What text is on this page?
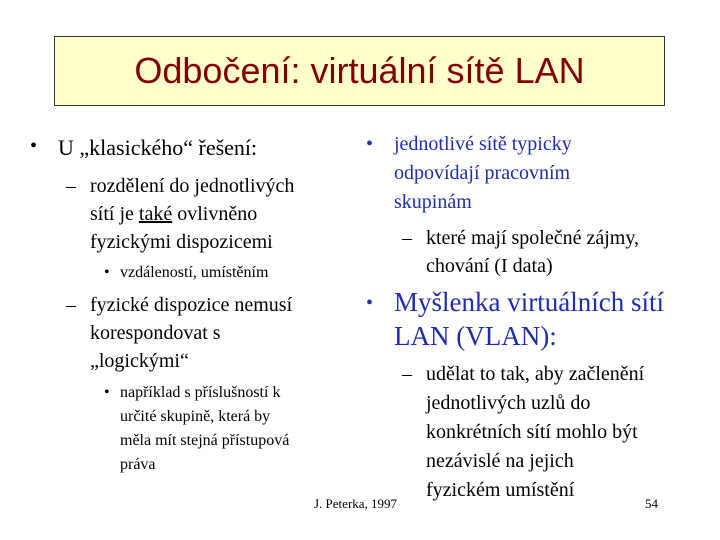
Odbočení: virtuální sítě LAN
• U „klasického“ řešení:
– rozdělení do jednotlivých
sítí je také ovlivněno
fyzickými dispozicemi
• vzdáleností, umístěním
– fyzické dispozice nemusí
korespondovat s
„logickými“
• například s příslušností k
určité skupině, která by
měla mít stejná přístupová
práva
• jednotlivé sítě typicky
odpovídají pracovním
skupinám
– které mají společné zájmy,
chování (I data)
• Myšlenka virtuálních sítí
LAN (VLAN):
– udělat to tak, aby začlenění
jednotlivých uzlů do
konkrétních sítí mohlo být
nezávislé na jejich
fyzickém umístění
J. Peterka, 1997	54
